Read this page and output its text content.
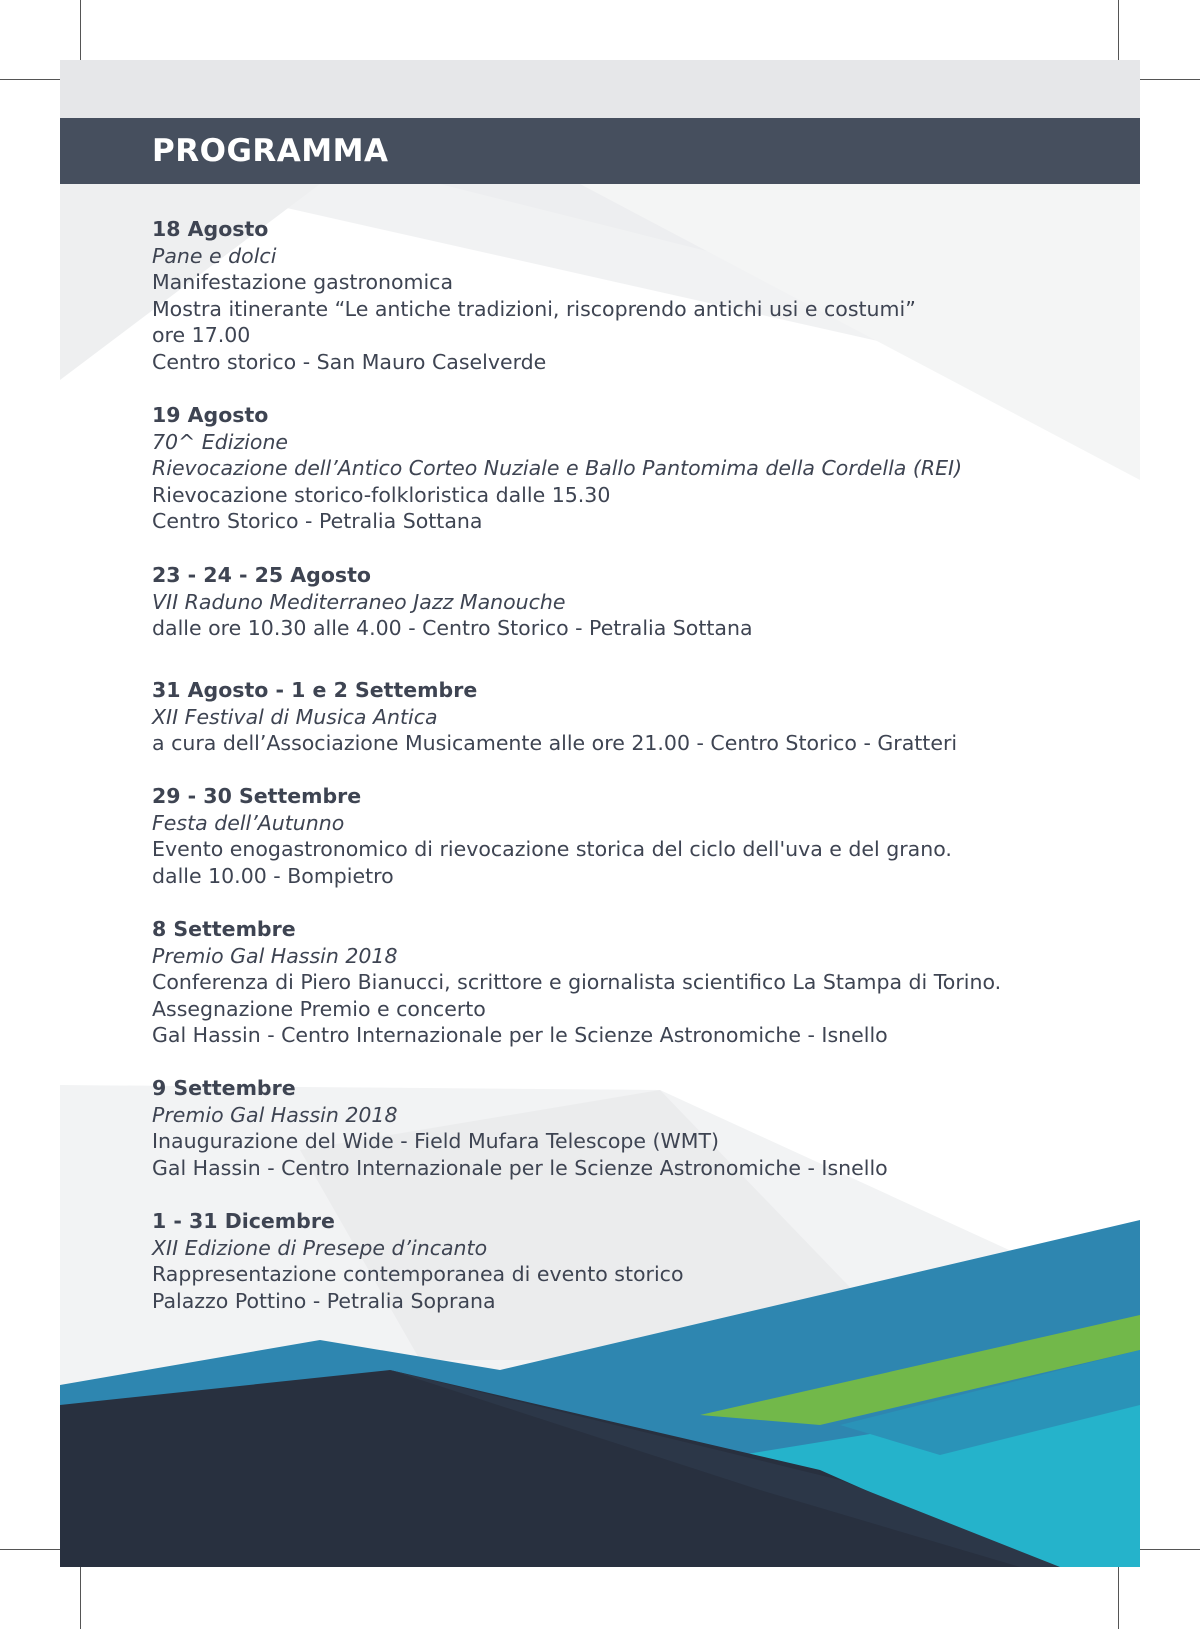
PROGRAMMA
18 Agosto
Pane e dolci
Manifestazione gastronomica
Mostra itinerante “Le antiche tradizioni, riscoprendo antichi usi e costumi”
ore 17.00
Centro storico - San Mauro Caselverde
19 Agosto
70^ Edizione
Rievocazione dell’Antico Corteo Nuziale e Ballo Pantomima della Cordella (REI)
Rievocazione storico-folkloristica dalle 15.30
Centro Storico - Petralia Sottana
23 - 24 - 25 Agosto
VII Raduno Mediterraneo Jazz Manouche
dalle ore 10.30 alle 4.00 - Centro Storico - Petralia Sottana
31 Agosto - 1 e 2 Settembre
XII Festival di Musica Antica
a cura dell’Associazione Musicamente alle ore 21.00 - Centro Storico - Gratteri
29 - 30 Settembre
Festa dell’Autunno
Evento enogastronomico di rievocazione storica del ciclo dell'uva e del grano.
dalle 10.00 - Bompietro
8 Settembre
Premio Gal Hassin 2018
Conferenza di Piero Bianucci, scrittore e giornalista scientifico La Stampa di Torino.
Assegnazione Premio e concerto
Gal Hassin - Centro Internazionale per le Scienze Astronomiche - Isnello
9 Settembre
Premio Gal Hassin 2018
Inaugurazione del Wide - Field Mufara Telescope (WMT)
Gal Hassin - Centro Internazionale per le Scienze Astronomiche - Isnello
1 - 31 Dicembre
XII Edizione di Presepe d’incanto
Rappresentazione contemporanea di evento storico
Palazzo Pottino - Petralia Soprana
